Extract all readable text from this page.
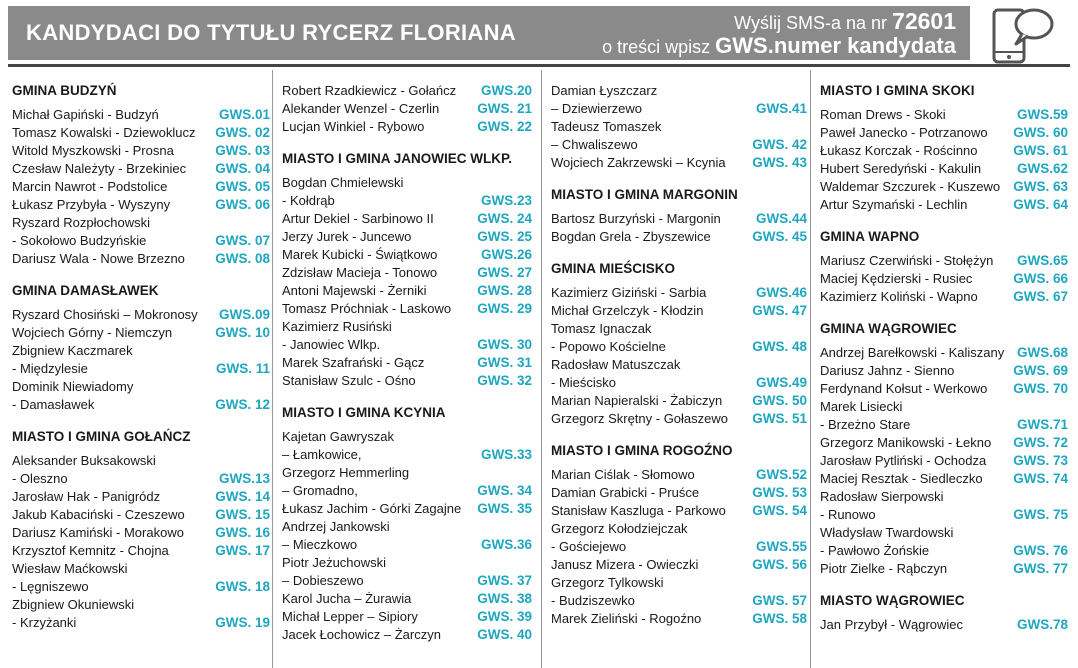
KANDYDACI DO TYTUŁU RYCERZ FLORIANA	Wyślij SMS-a na nr 72601
o treści wpisz GWS.numer kandydata
GMINA BUDZYŃ
Michał Gapiński - Budzyń	GWS.01
Tomasz Kowalski - Dziewoklucz	GWS. 02
Witold Myszkowski - Prosna	GWS. 03
Czesław Należyty - Brzekiniec	GWS. 04
Marcin Nawrot - Podstolice	GWS. 05
Łukasz Przybyła - Wyszyny	GWS. 06
Ryszard Rozpłochowski
- Sokołowo Budzyńskie	GWS. 07
Dariusz Wala - Nowe Brzezno	GWS. 08
GMINA DAMASŁAWEK
Ryszard Chosiński – Mokronosy	GWS.09
Wojciech Górny - Niemczyn	GWS. 10
Zbigniew Kaczmarek
- Międzylesie	GWS. 11
Dominik Niewiadomy
- Damasławek	GWS. 12
MIASTO I GMINA GOŁAŃCZ
Aleksander Buksakowski
- Oleszno	GWS.13
Jarosław Hak - Panigródz	GWS. 14
Jakub Kabaciński - Czeszewo	GWS. 15
Dariusz Kamiński - Morakowo	GWS. 16
Krzysztof Kemnitz - Chojna	GWS. 17
Wiesław Maćkowski
- Lęgniszewo	GWS. 18
Zbigniew Okuniewski
- Krzyżanki	GWS. 19
Robert Rzadkiewicz - Gołańcz	GWS.20
Alekander Wenzel - Czerlin	GWS. 21
Lucjan Winkiel - Rybowo	GWS. 22
MIASTO I GMINA JANOWIEC WLKP.
Bogdan Chmielewski
- Kołdrąb	GWS.23
Artur Dekiel - Sarbinowo II	GWS. 24
Jerzy Jurek - Juncewo	GWS. 25
Marek Kubicki - Świątkowo	GWS.26
Zdzisław Macieja - Tonowo	GWS. 27
Antoni Majewski - Żerniki	GWS. 28
Tomasz Próchniak - Laskowo	GWS. 29
Kazimierz Rusiński
- Janowiec Wlkp.	GWS. 30
Marek Szafrański - Gącz	GWS. 31
Stanisław Szulc - Ośno	GWS. 32
MIASTO I GMINA KCYNIA
Kajetan Gawryszak
– Łamkowice,	GWS.33
Grzegorz Hemmerling
– Gromadno,	GWS. 34
Łukasz Jachim - Górki Zagajne	GWS. 35
Andrzej Jankowski
– Mieczkowo	GWS.36
Piotr Jeżuchowski
– Dobieszewo	GWS. 37
Karol Jucha – Żurawia	GWS. 38
Michał Lepper – Sipiory	GWS. 39
Jacek Łochowicz – Żarczyn	GWS. 40
Damian Łyszczarz
– Dziewierzewo	GWS.41
Tadeusz Tomaszek
– Chwaliszewo	GWS. 42
Wojciech Zakrzewski – Kcynia	GWS. 43
MIASTO I GMINA MARGONIN
Bartosz Burzyński - Margonin	GWS.44
Bogdan Grela - Zbyszewice	GWS. 45
GMINA MIEŚCISKO
Kazimierz Giziński - Sarbia	GWS.46
Michał Grzelczyk - Kłodzin	GWS. 47
Tomasz Ignaczak
- Popowo Kościelne	GWS. 48
Radosław Matuszczak
- Mieścisko	GWS.49
Marian Napieralski - Żabiczyn	GWS. 50
Grzegorz Skrętny - Gołaszewo	GWS. 51
MIASTO I GMINA ROGOŹNO
Marian Ciślak - Słomowo	GWS.52
Damian Grabicki - Pruśce	GWS. 53
Stanisław Kaszluga - Parkowo	GWS. 54
Grzegorz Kołodziejczak
- Gościejewo	GWS.55
Janusz Mizera - Owieczki	GWS. 56
Grzegorz Tylkowski
- Budziszewko	GWS. 57
Marek Zieliński - Rogoźno	GWS. 58
MIASTO I GMINA SKOKI
Roman Drews - Skoki	GWS.59
Paweł Janecko - Potrzanowo	GWS. 60
Łukasz Korczak - Rościnno	GWS. 61
Hubert Seredyński - Kakulin	GWS.62
Waldemar Szczurek - Kuszewo GWS. 63
Artur Szymański - Lechlin	GWS. 64
GMINA WAPNO
Mariusz Czerwiński - Stołężyn	GWS.65
Maciej Kędzierski - Rusiec	GWS. 66
Kazimierz Koliński - Wapno	GWS. 67
GMINA WĄGROWIEC
Andrzej Barełkowski - Kaliszany GWS.68
Dariusz Jahnz - Sienno	GWS. 69
Ferdynand Kołsut - Werkowo	GWS. 70
Marek Lisiecki
- Brzeżno Stare	GWS.71
Grzegorz Manikowski - Łekno	GWS. 72
Jarosław Pytliński - Ochodza	GWS. 73
Maciej Resztak - Siedleczko	GWS. 74
Radosław Sierpowski
- Runowo	GWS. 75
Władysław Twardowski
- Pawłowo Żońskie	GWS. 76
Piotr Zielke - Rąbczyn	GWS. 77
MIASTO WĄGROWIEC
Jan Przybył - Wągrowiec	GWS.78
